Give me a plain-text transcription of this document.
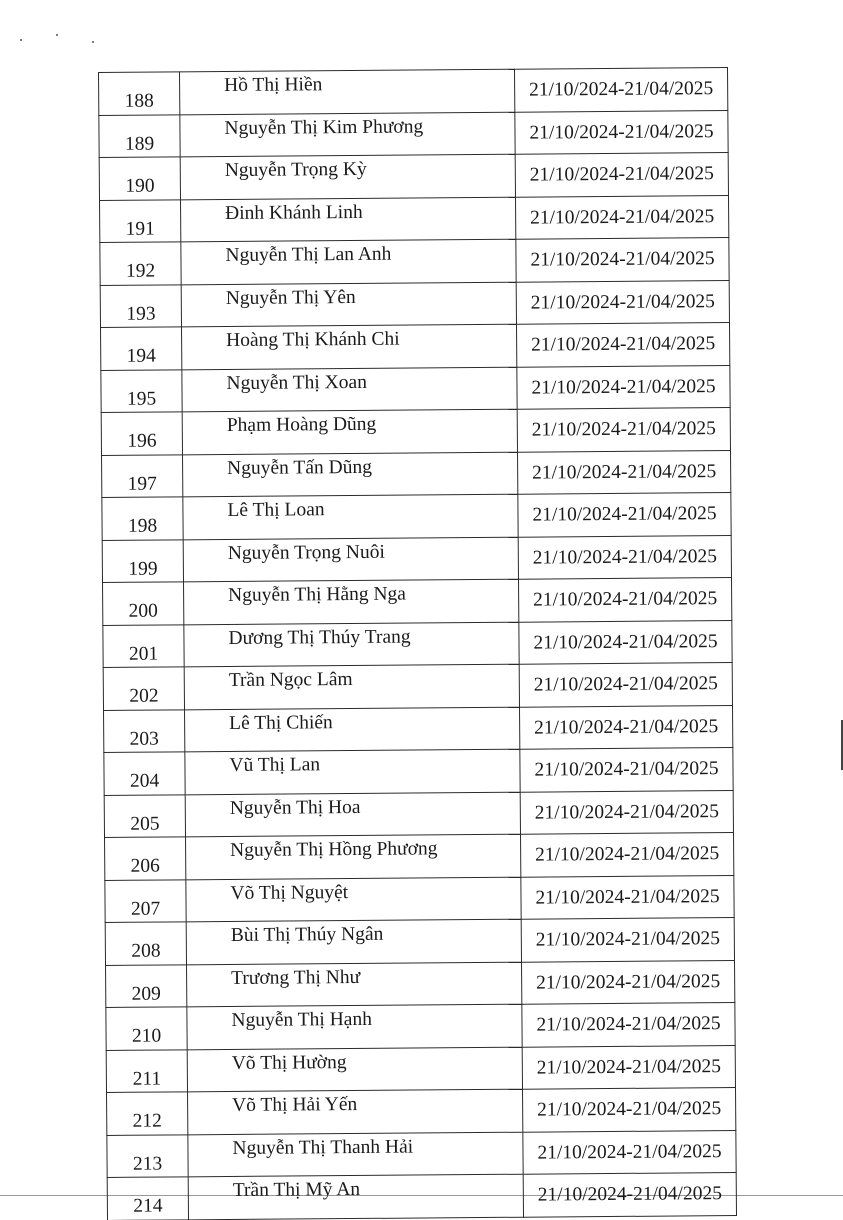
188	Hồ Thị Hiền	21/10/2024-21/04/2025
189	Nguyễn Thị Kim Phương	21/10/2024-21/04/2025
190	Nguyễn Trọng Kỳ	21/10/2024-21/04/2025
191	Đinh Khánh Linh	21/10/2024-21/04/2025
192	Nguyễn Thị Lan Anh	21/10/2024-21/04/2025
193	Nguyễn Thị Yên	21/10/2024-21/04/2025
194	Hoàng Thị Khánh Chi	21/10/2024-21/04/2025
195	Nguyễn Thị Xoan	21/10/2024-21/04/2025
196	Phạm Hoàng Dũng	21/10/2024-21/04/2025
197	Nguyễn Tấn Dũng	21/10/2024-21/04/2025
198	Lê Thị Loan	21/10/2024-21/04/2025
199	Nguyễn Trọng Nuôi	21/10/2024-21/04/2025
200	Nguyễn Thị Hằng Nga	21/10/2024-21/04/2025
201	Dương Thị Thúy Trang	21/10/2024-21/04/2025
202	Trần Ngọc Lâm	21/10/2024-21/04/2025
203	Lê Thị Chiến	21/10/2024-21/04/2025
204	Vũ Thị Lan	21/10/2024-21/04/2025
205	Nguyễn Thị Hoa	21/10/2024-21/04/2025
206	Nguyễn Thị Hồng Phương	21/10/2024-21/04/2025
207	Võ Thị Nguyệt	21/10/2024-21/04/2025
208	Bùi Thị Thúy Ngân	21/10/2024-21/04/2025
209	Trương Thị Như	21/10/2024-21/04/2025
210	Nguyễn Thị Hạnh	21/10/2024-21/04/2025
211	Võ Thị Hường	21/10/2024-21/04/2025
212	Võ Thị Hải Yến	21/10/2024-21/04/2025
213	Nguyễn Thị Thanh Hải	21/10/2024-21/04/2025
214	Trần Thị Mỹ An	21/10/2024-21/04/2025
